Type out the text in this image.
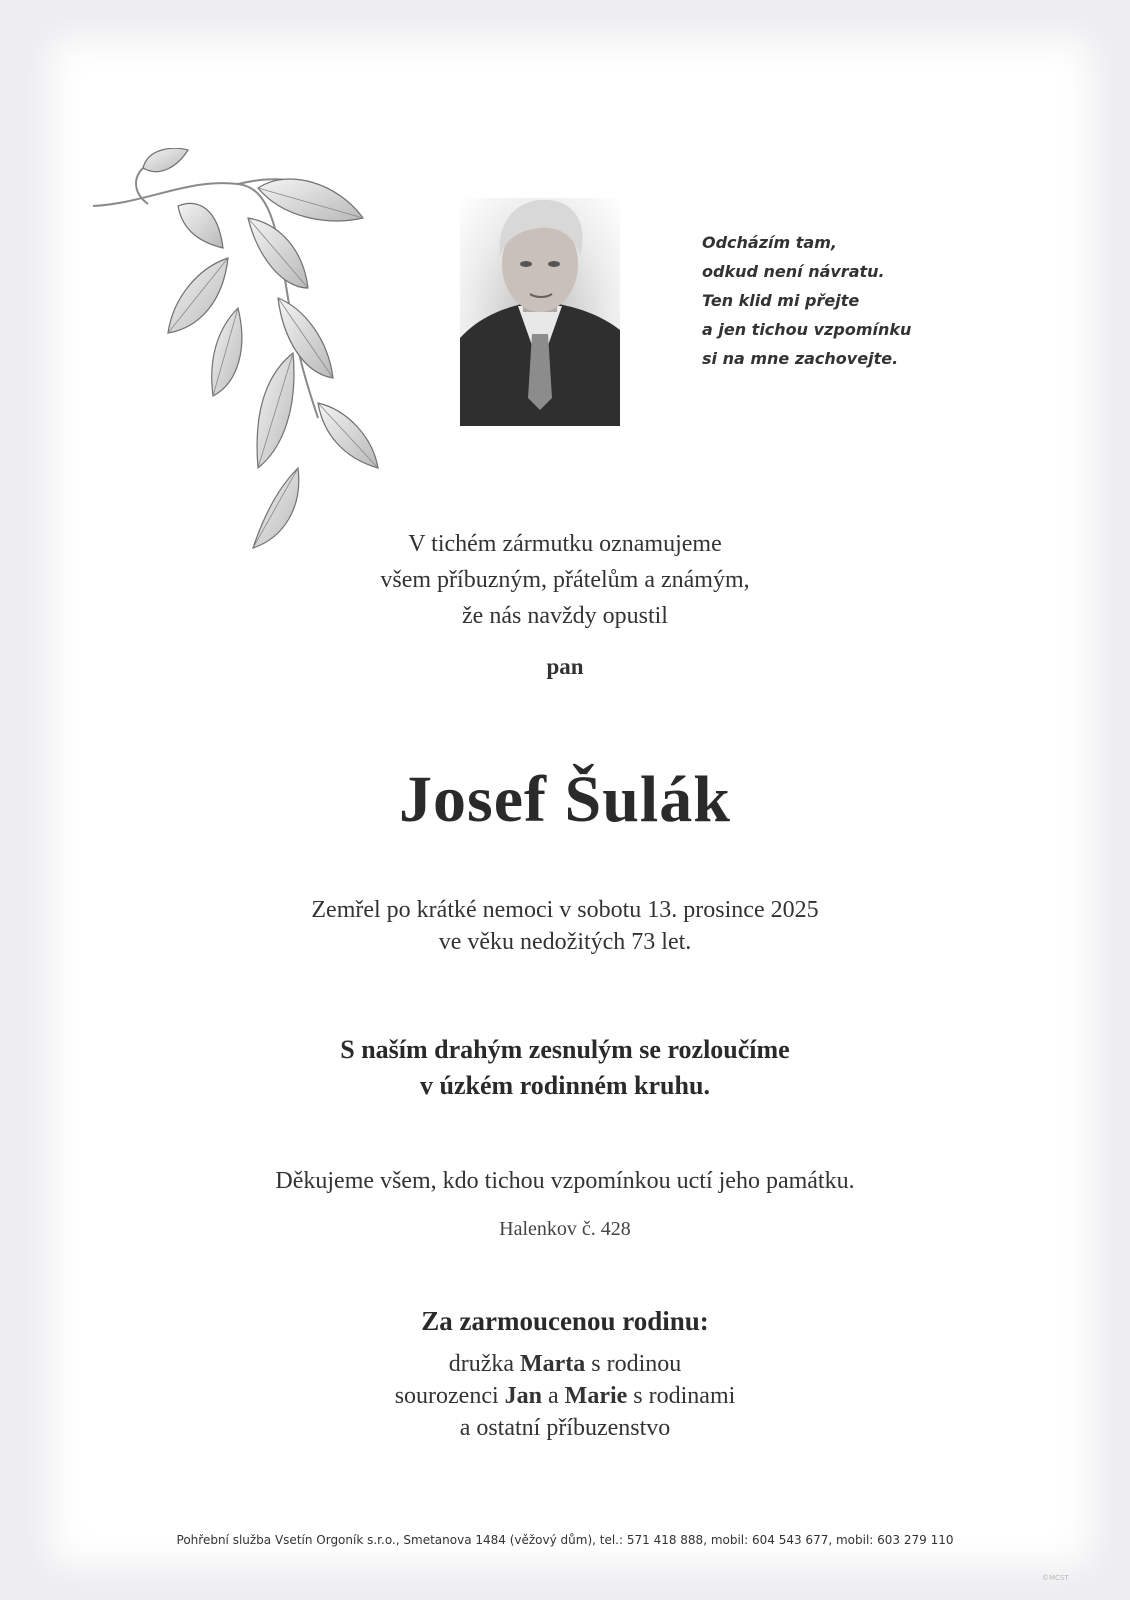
Odcházím tam,
odkud není návratu.
Ten klid mi přejte
a jen tichou vzpomínku
si na mne zachovejte.
V tichém zármutku oznamujeme
všem příbuzným, přátelům a známým,
že nás navždy opustil
pan
Josef Šulák
Zemřel po krátké nemoci v sobotu 13. prosince 2025
ve věku nedožitých 73 let.
S naším drahým zesnulým se rozloučíme
v úzkém rodinném kruhu.
Děkujeme všem, kdo tichou vzpomínkou uctí jeho památku.
Halenkov č. 428
Za zarmoucenou rodinu:
družka Marta s rodinou
sourozenci Jan a Marie s rodinami
a ostatní příbuzenstvo
Pohřební služba Vsetín Orgoník s.r.o., Smetanova 1484 (věžový dům), tel.: 571 418 888, mobil: 604 543 677, mobil: 603 279 110
©MCST
